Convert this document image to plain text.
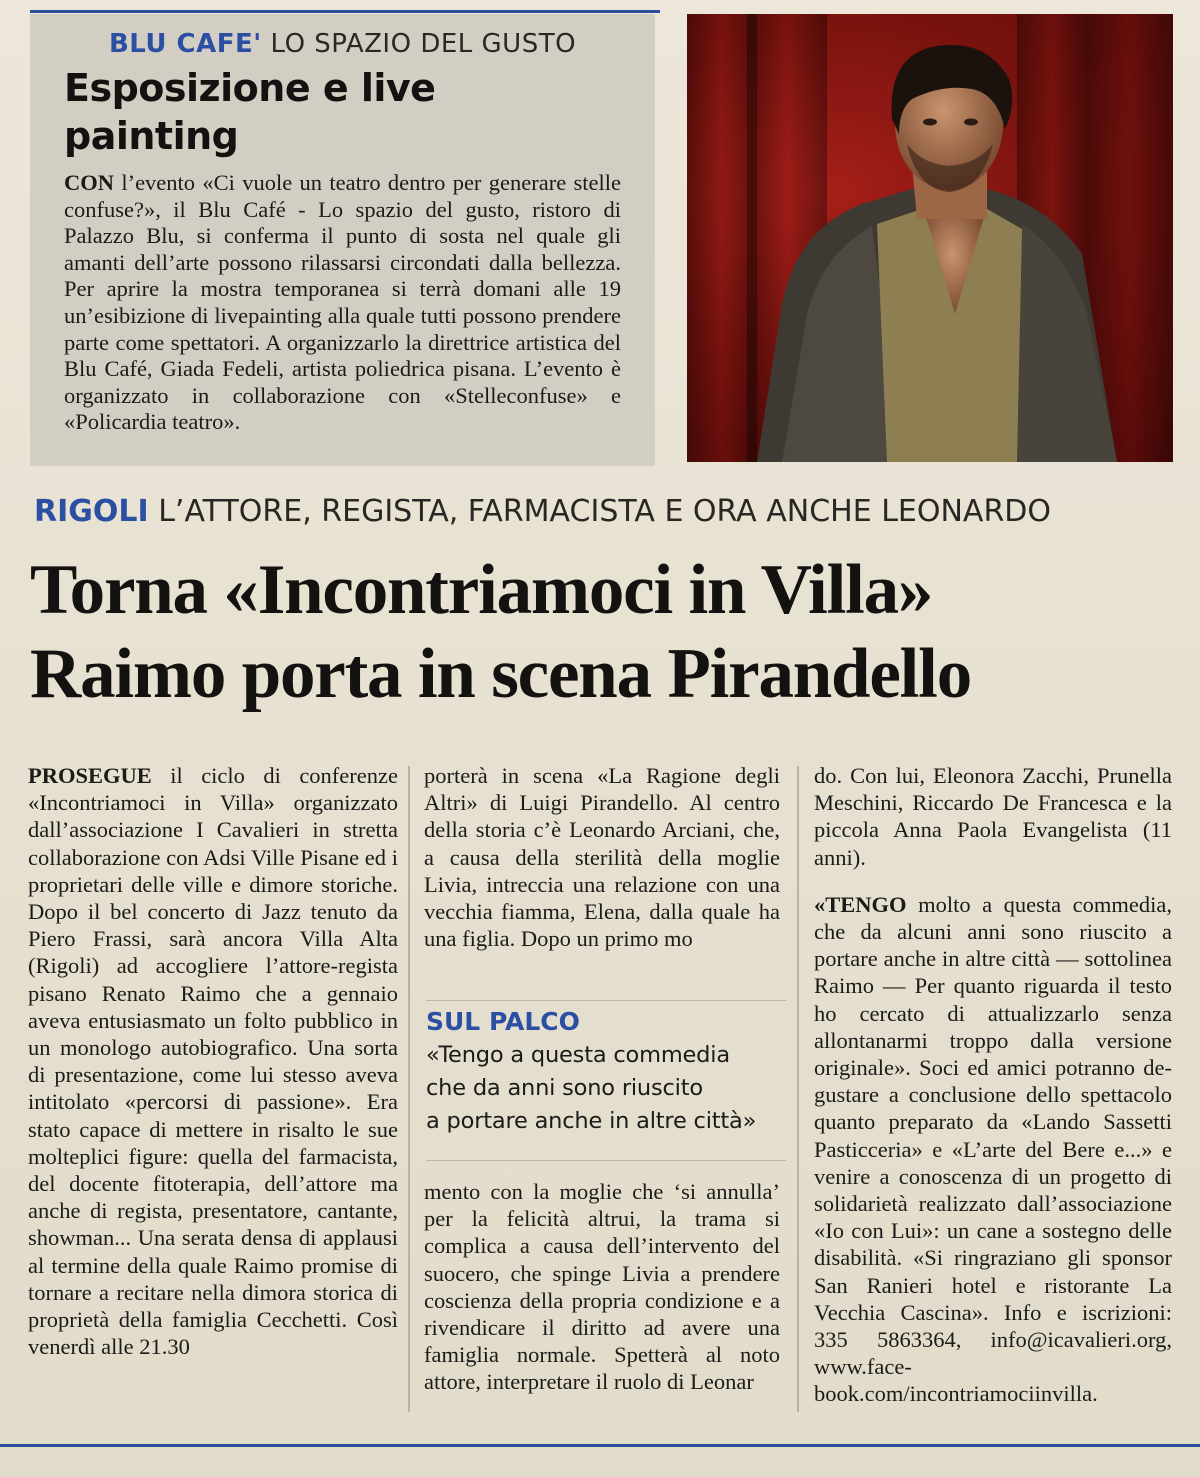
BLU CAFE' LO SPAZIO DEL GUSTO
Esposizione e live painting

CON l’evento «Ci vuole un teatro dentro per generare stelle confuse?», il Blu Café - Lo spazio del gusto, ristoro di Palazzo Blu, si conferma il punto di sosta nel quale gli amanti dell’arte possono rilassarsi circondati dalla bellezza. Per aprire la mostra temporanea si terrà domani alle 19 un’esibizione di livepainting alla quale tutti possono prendere parte come spettatori. A organizzarlo la direttrice artistica del Blu Café, Giada Fedeli, artista poliedrica pisana. L’evento è organizzato in collaborazione con «Stelleconfuse» e «Policardia teatro».

RIGOLI L’ATTORE, REGISTA, FARMACISTA E ORA ANCHE LEONARDO
Torna «Incontriamoci in Villa»
Raimo porta in scena Pirandello

PROSEGUE il ciclo di conferenze «Incontriamoci in Villa» organizzato dall’associazione I Cavalieri in stretta collaborazione con Adsi Ville Pisane ed i proprietari delle ville e dimore storiche. Dopo il bel concerto di Jazz tenuto da Piero Frassi, sarà ancora Villa Alta (Rigoli) ad accogliere l’attore-regista pisano Renato Raimo che a gennaio aveva entusiasmato un folto pubblico in un monologo autobiografico. Una sorta di presentazione, come lui stesso aveva intitolato «percorsi di passione». Era stato capace di mettere in risalto le sue molteplici figure: quella del farmacista, del docente fitoterapia, dell’attore ma anche di regista, presentatore, cantante, showman... Una serata densa di applausi al termine della quale Raimo promise di tornare a recitare nella dimora storica di proprietà della famiglia Cecchetti. Così venerdì alle 21.30

porterà in scena «La Ragione degli Altri» di Luigi Pirandello. Al centro della storia c’è Leonardo Arciani, che, a causa della sterilità della moglie Livia, intreccia una relazione con una vecchia fiamma, Elena, dalla quale ha una figlia. Dopo un primo mo

SUL PALCO
«Tengo a questa commedia
che da anni sono riuscito
a portare anche in altre città»

mento con la moglie che ‘si annulla’ per la felicità altrui, la trama si complica a causa dell’intervento del suocero, che spinge Livia a prendere coscienza della propria condizione e a rivendicare il diritto ad avere una famiglia normale. Spetterà al noto attore, interpretare il ruolo di Leonar

do. Con lui, Eleonora Zacchi, Prunella Meschini, Riccardo De Francesca e la piccola Anna Paola Evangelista (11 anni).

«TENGO molto a questa commedia, che da alcuni anni sono riuscito a portare anche in altre città — sottolinea Raimo — Per quanto riguarda il testo ho cercato di attualizzarlo senza allontanarmi troppo dalla versione originale». Soci ed amici potranno degustare a conclusione dello spettacolo quanto preparato da «Lando Sassetti Pasticceria» e «L’arte del Bere e...» e venire a conoscenza di un progetto di solidarietà realizzato dall’associazione «Io con Lui»: un cane a sostegno delle disabilità. «Si ringraziano gli sponsor San Ranieri hotel e ristorante La Vecchia Cascina». Info e iscrizioni: 335 5863364, info@icavalieri.org, www.facebook.com/incontriamociinvilla.
